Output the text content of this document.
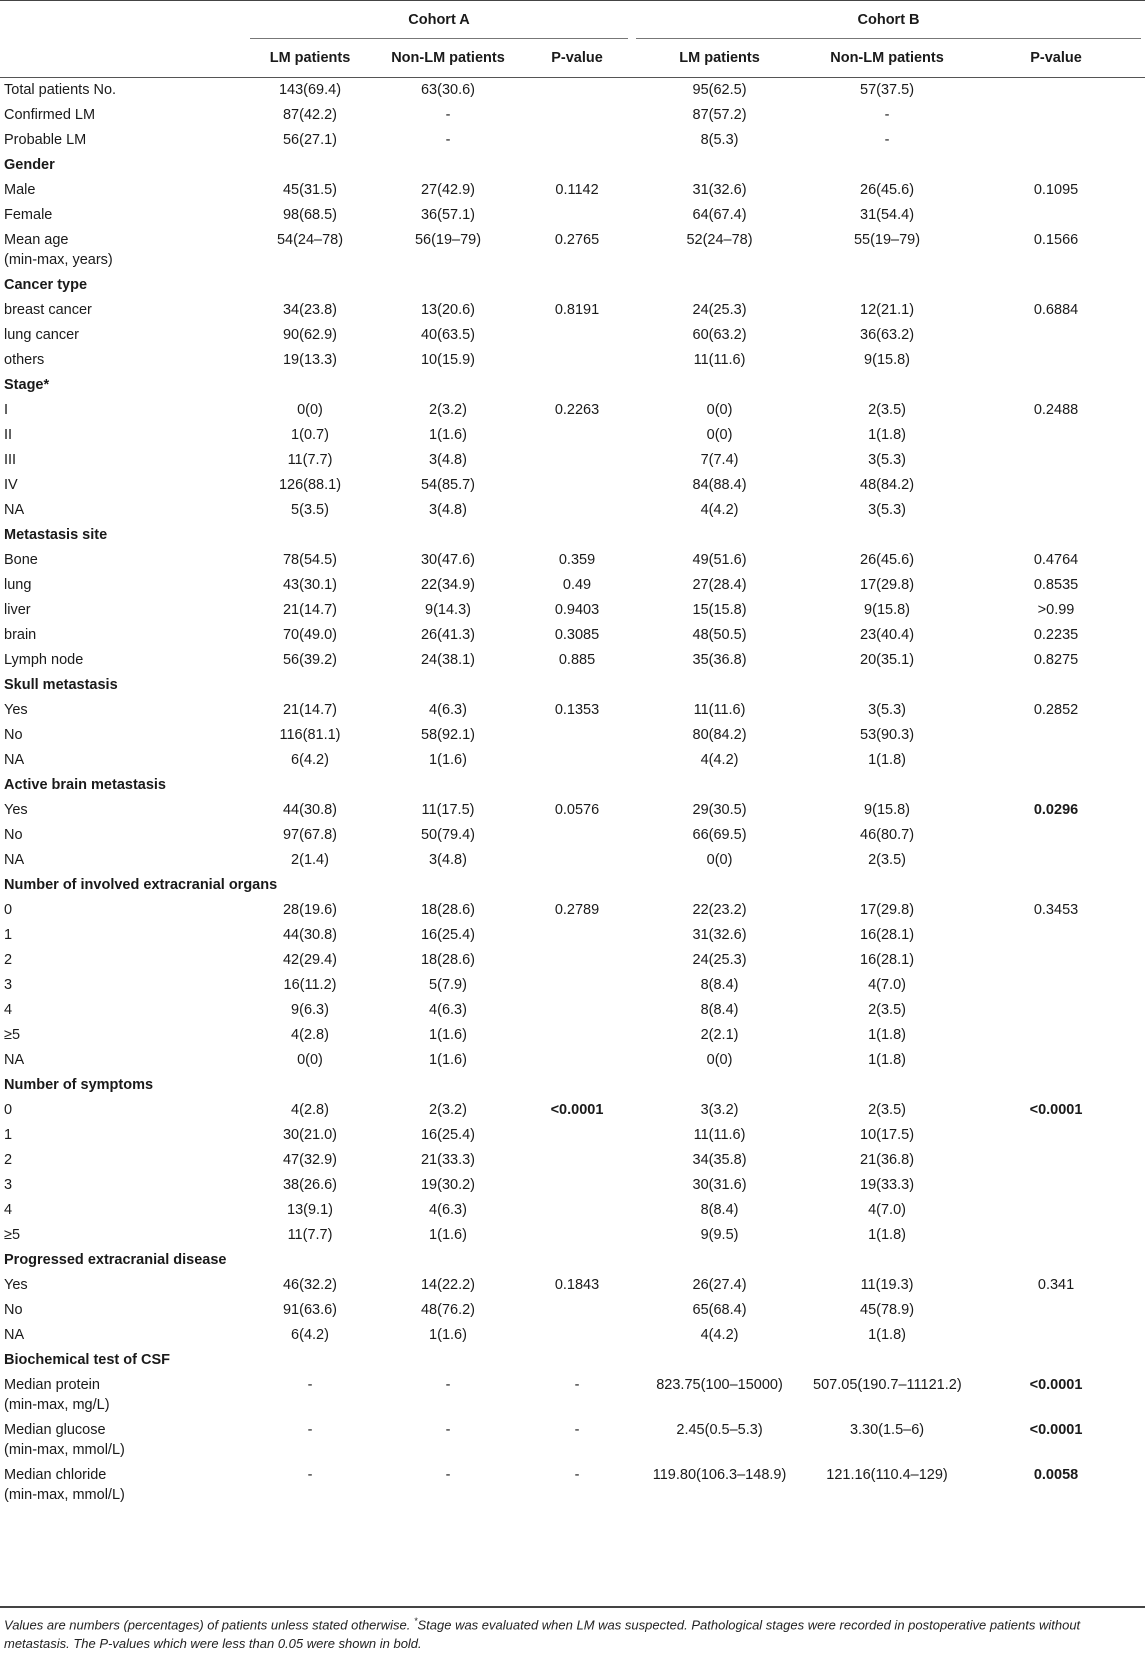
	Cohort A			Cohort B		

	LM patients	Non-LM patients	P-value	LM patients	Non-LM patients	P-value

Total patients No.	143(69.4)	63(30.6)		95(62.5)	57(37.5)	

Confirmed LM	87(42.2)	-		87(57.2)	-	

Probable LM	56(27.1)	-		8(5.3)	-	
Gender						

Male	45(31.5)	27(42.9)	0.1142	31(32.6)	26(45.6)	0.1095

Female	98(68.5)	36(57.1)		64(67.4)	31(54.4)	

Mean age
(min-max, years)	54(24–78)	56(19–79)	0.2765	52(24–78)	55(19–79)	0.1566
Cancer type						

breast cancer	34(23.8)	13(20.6)	0.8191	24(25.3)	12(21.1)	0.6884

lung cancer	90(62.9)	40(63.5)		60(63.2)	36(63.2)	

others	19(13.3)	10(15.9)		11(11.6)	9(15.8)	
Stage*						

I	0(0)	2(3.2)	0.2263	0(0)	2(3.5)	0.2488

II	1(0.7)	1(1.6)		0(0)	1(1.8)	

III	11(7.7)	3(4.8)		7(7.4)	3(5.3)	

IV	126(88.1)	54(85.7)		84(88.4)	48(84.2)	

NA	5(3.5)	3(4.8)		4(4.2)	3(5.3)	
Metastasis site						

Bone	78(54.5)	30(47.6)	0.359	49(51.6)	26(45.6)	0.4764

lung	43(30.1)	22(34.9)	0.49	27(28.4)	17(29.8)	0.8535

liver	21(14.7)	9(14.3)	0.9403	15(15.8)	9(15.8)	>0.99

brain	70(49.0)	26(41.3)	0.3085	48(50.5)	23(40.4)	0.2235

Lymph node	56(39.2)	24(38.1)	0.885	35(36.8)	20(35.1)	0.8275
Skull metastasis						

Yes	21(14.7)	4(6.3)	0.1353	11(11.6)	3(5.3)	0.2852

No	116(81.1)	58(92.1)		80(84.2)	53(90.3)	

NA	6(4.2)	1(1.6)		4(4.2)	1(1.8)	
Active brain metastasis						

Yes	44(30.8)	11(17.5)	0.0576	29(30.5)	9(15.8)	0.0296

No	97(67.8)	50(79.4)		66(69.5)	46(80.7)	

NA	2(1.4)	3(4.8)		0(0)	2(3.5)	
Number of involved extracranial organs						

0	28(19.6)	18(28.6)	0.2789	22(23.2)	17(29.8)	0.3453

1	44(30.8)	16(25.4)		31(32.6)	16(28.1)	

2	42(29.4)	18(28.6)		24(25.3)	16(28.1)	

3	16(11.2)	5(7.9)		8(8.4)	4(7.0)	

4	9(6.3)	4(6.3)		8(8.4)	2(3.5)	

≥5	4(2.8)	1(1.6)		2(2.1)	1(1.8)	

NA	0(0)	1(1.6)		0(0)	1(1.8)	
Number of symptoms						

0	4(2.8)	2(3.2)	<0.0001	3(3.2)	2(3.5)	<0.0001

1	30(21.0)	16(25.4)		11(11.6)	10(17.5)	

2	47(32.9)	21(33.3)		34(35.8)	21(36.8)	

3	38(26.6)	19(30.2)		30(31.6)	19(33.3)	

4	13(9.1)	4(6.3)		8(8.4)	4(7.0)	

≥5	11(7.7)	1(1.6)		9(9.5)	1(1.8)	
Progressed extracranial disease						

Yes	46(32.2)	14(22.2)	0.1843	26(27.4)	11(19.3)	0.341

No	91(63.6)	48(76.2)		65(68.4)	45(78.9)	

NA	6(4.2)	1(1.6)		4(4.2)	1(1.8)	
Biochemical test of CSF						

Median protein
(min-max, mg/L)	-	-	-	823.75(100–15000)	507.05(190.7–11121.2)	<0.0001

Median glucose
(min-max, mmol/L)	-	-	-	2.45(0.5–5.3)	3.30(1.5–6)	<0.0001

Median chloride
(min-max, mmol/L)	-	-	-	119.80(106.3–148.9)	121.16(110.4–129)	0.0058
Values are numbers (percentages) of patients unless stated otherwise. *Stage was evaluated when LM was suspected. Pathological stages were recorded in postoperative patients without metastasis. The P-values which were less than 0.05 were shown in bold.
